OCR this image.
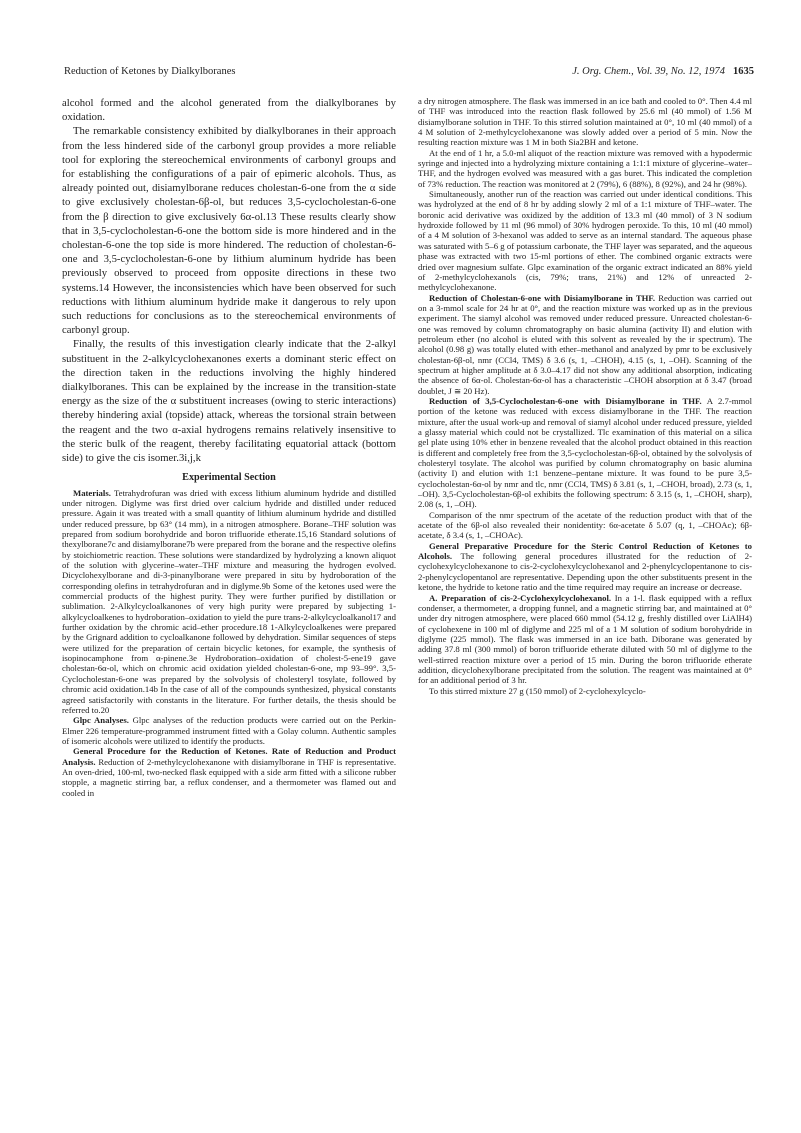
Reduction of Ketones by Dialkylboranes	J. Org. Chem., Vol. 39, No. 12, 1974 1635

alcohol formed and the alcohol generated from the dialkylboranes by oxidation.

The remarkable consistency exhibited by dialkylboranes in their approach from the less hindered side of the carbonyl group provides a more reliable tool for exploring the stereochemical environments of carbonyl groups and for establishing the configurations of a pair of epimeric alcohols. Thus, as already pointed out, disiamylborane reduces cholestan-6-one from the α side to give exclusively cholestan-6β-ol, but reduces 3,5-cyclocholestan-6-one from the β direction to give exclusively 6α-ol.13 These results clearly show that in 3,5-cyclocholestan-6-one the bottom side is more hindered and in the cholestan-6-one the top side is more hindered. The reduction of cholestan-6-one and 3,5-cyclocholestan-6-one by lithium aluminum hydride has been previously observed to proceed from opposite directions in these two systems.14 However, the inconsistencies which have been observed for such reductions with lithium aluminum hydride make it dangerous to rely upon such reductions for conclusions as to the stereochemical environments of carbonyl group.

Finally, the results of this investigation clearly indicate that the 2-alkyl substituent in the 2-alkylcyclohexanones exerts a dominant steric effect on the direction taken in the reductions involving the highly hindered dialkylboranes. This can be explained by the increase in the transition-state energy as the size of the α substituent increases (owing to steric interactions) thereby hindering axial (topside) attack, whereas the torsional strain between the reagent and the two α-axial hydrogens remains relatively insensitive to the steric bulk of the reagent, thereby facilitating equatorial attack (bottom side) to give the cis isomer.3i,j,k

Experimental Section

Materials. Tetrahydrofuran was dried with excess lithium aluminum hydride and distilled under nitrogen. Diglyme was first dried over calcium hydride and distilled under reduced pressure. Again it was treated with a small quantity of lithium aluminum hydride and distilled under reduced pressure, bp 63° (14 mm), in a nitrogen atmosphere. Borane–THF solution was prepared from sodium borohydride and boron trifluoride etherate.15,16 Standard solutions of thexylborane7c and disiamylborane7b were prepared from the borane and the respective olefins by stoichiometric reaction. These solutions were standardized by hydrolyzing a known aliquot of the solution with glycerine–water–THF mixture and measuring the hydrogen evolved. Dicyclohexylborane and di-3-pinanylborane were prepared in situ by hydroboration of the corresponding olefins in tetrahydrofuran and in diglyme.9b Some of the ketones used were the commercial products of the highest purity. They were further purified by distillation or sublimation. 2-Alkylcycloalkanones of very high purity were prepared by subjecting 1-alkylcycloalkenes to hydroboration–oxidation to yield the pure trans-2-alkylcycloalkanol17 and further oxidation by the chromic acid–ether procedure.18 1-Alkylcycloalkenes were prepared by the Grignard addition to cycloalkanone followed by dehydration. Similar sequences of steps were utilized for the preparation of certain bicyclic ketones, for example, the synthesis of isopinocamphone from α-pinene.3e Hydroboration–oxidation of cholest-5-ene19 gave cholestan-6α-ol, which on chromic acid oxidation yielded cholestan-6-one, mp 93–99°. 3,5-Cyclocholestan-6-one was prepared by the solvolysis of cholesteryl tosylate, followed by chromic acid oxidation.14b In the case of all of the compounds synthesized, physical constants agreed satisfactorily with constants in the literature. For further details, the thesis should be referred to.20

Glpc Analyses. Glpc analyses of the reduction products were carried out on the Perkin-Elmer 226 temperature-programmed instrument fitted with a Golay column. Authentic samples of isomeric alcohols were utilized to identify the products.

General Procedure for the Reduction of Ketones. Rate of Reduction and Product Analysis. Reduction of 2-methylcyclohexanone with disiamylborane in THF is representative. An oven-dried, 100-ml, two-necked flask equipped with a side arm fitted with a silicone rubber stopple, a magnetic stirring bar, a reflux condenser, and a thermometer was flamed out and cooled in

a dry nitrogen atmosphere. The flask was immersed in an ice bath and cooled to 0°. Then 4.4 ml of THF was introduced into the reaction flask followed by 25.6 ml (40 mmol) of 1.56 M disiamylborane solution in THF. To this stirred solution maintained at 0°, 10 ml (40 mmol) of a 4 M solution of 2-methylcyclohexanone was slowly added over a period of 5 min. Now the resulting reaction mixture was 1 M in both Sia2BH and ketone.

At the end of 1 hr, a 5.0-ml aliquot of the reaction mixture was removed with a hypodermic syringe and injected into a hydrolyzing mixture containing a 1:1:1 mixture of glycerine–water–THF, and the hydrogen evolved was measured with a gas buret. This indicated the completion of 73% reduction. The reaction was monitored at 2 (79%), 6 (88%), 8 (92%), and 24 hr (98%).

Simultaneously, another run of the reaction was carried out under identical conditions. This was hydrolyzed at the end of 8 hr by adding slowly 2 ml of a 1:1 mixture of THF–water. The boronic acid derivative was oxidized by the addition of 13.3 ml (40 mmol) of 3 N sodium hydroxide followed by 11 ml (96 mmol) of 30% hydrogen peroxide. To this, 10 ml (40 mmol) of a 4 M solution of 3-hexanol was added to serve as an internal standard. The aqueous phase was saturated with 5–6 g of potassium carbonate, the THF layer was separated, and the aqueous phase was extracted with two 15-ml portions of ether. The combined organic extracts were dried over magnesium sulfate. Glpc examination of the organic extract indicated an 88% yield of 2-methylcyclohexanols (cis, 79%; trans, 21%) and 12% of unreacted 2-methylcyclohexanone.

Reduction of Cholestan-6-one with Disiamylborane in THF. Reduction was carried out on a 3-mmol scale for 24 hr at 0°, and the reaction mixture was worked up as in the previous experiment. The siamyl alcohol was removed under reduced pressure. Unreacted cholestan-6-one was removed by column chromatography on basic alumina (activity II) and elution with petroleum ether (no alcohol is eluted with this solvent as revealed by the ir spectrum). The alcohol (0.98 g) was totally eluted with ether–methanol and analyzed by pmr to be exclusively cholestan-6β-ol, nmr (CCl4, TMS) δ 3.6 (s, 1, –CHOH), 4.15 (s, 1, –OH). Scanning of the spectrum at higher amplitude at δ 3.0–4.17 did not show any additional absorption, indicating the absence of 6α-ol. Cholestan-6α-ol has a characteristic –CHOH absorption at δ 3.47 (broad doublet, J ≅ 20 Hz).

Reduction of 3,5-Cyclocholestan-6-one with Disiamylborane in THF. A 2.7-mmol portion of the ketone was reduced with excess disiamylborane in the THF. The reaction mixture, after the usual work-up and removal of siamyl alcohol under reduced pressure, yielded a glassy material which could not be crystallized. Tlc examination of this material on a silica gel plate using 10% ether in benzene revealed that the alcohol product obtained in this reaction is different and completely free from the 3,5-cyclocholestan-6β-ol, obtained by the solvolysis of cholesteryl tosylate. The alcohol was purified by column chromatography on basic alumina (activity I) and elution with 1:1 benzene–pentane mixture. It was found to be pure 3,5-cyclocholestan-6α-ol by nmr and tlc, nmr (CCl4, TMS) δ 3.81 (s, 1, –CHOH, broad), 2.73 (s, 1, –OH). 3,5-Cyclocholestan-6β-ol exhibits the following spectrum: δ 3.15 (s, 1, –CHOH, sharp), 2.08 (s, 1, –OH).

Comparison of the nmr spectrum of the acetate of the reduction product with that of the acetate of the 6β-ol also revealed their nonidentity: 6α-acetate δ 5.07 (q, 1, –CHOAc); 6β-acetate, δ 3.4 (s, 1, –CHOAc).

General Preparative Procedure for the Steric Control Reduction of Ketones to Alcohols. The following general procedures illustrated for the reduction of 2-cyclohexylcyclohexanone to cis-2-cyclohexylcyclohexanol and 2-phenylcyclopentanone to cis-2-phenylcyclopentanol are representative. Depending upon the other substituents present in the ketone, the hydride to ketone ratio and the time required may require an increase or decrease.

A. Preparation of cis-2-Cyclohexylcyclohexanol. In a 1-l. flask equipped with a reflux condenser, a thermometer, a dropping funnel, and a magnetic stirring bar, and maintained at 0° under dry nitrogen atmosphere, were placed 660 mmol (54.12 g, freshly distilled over LiAlH4) of cyclohexene in 100 ml of diglyme and 225 ml of a 1 M solution of sodium borohydride in diglyme (225 mmol). The flask was immersed in an ice bath. Diborane was generated by adding 37.8 ml (300 mmol) of boron trifluoride etherate diluted with 50 ml of diglyme to the well-stirred reaction mixture over a period of 15 min. During the boron trifluoride etherate addition, dicyclohexylborane precipitated from the solution. The reagent was maintained at 0° for an additional period of 3 hr.

To this stirred mixture 27 g (150 mmol) of 2-cyclohexylcyclo-
